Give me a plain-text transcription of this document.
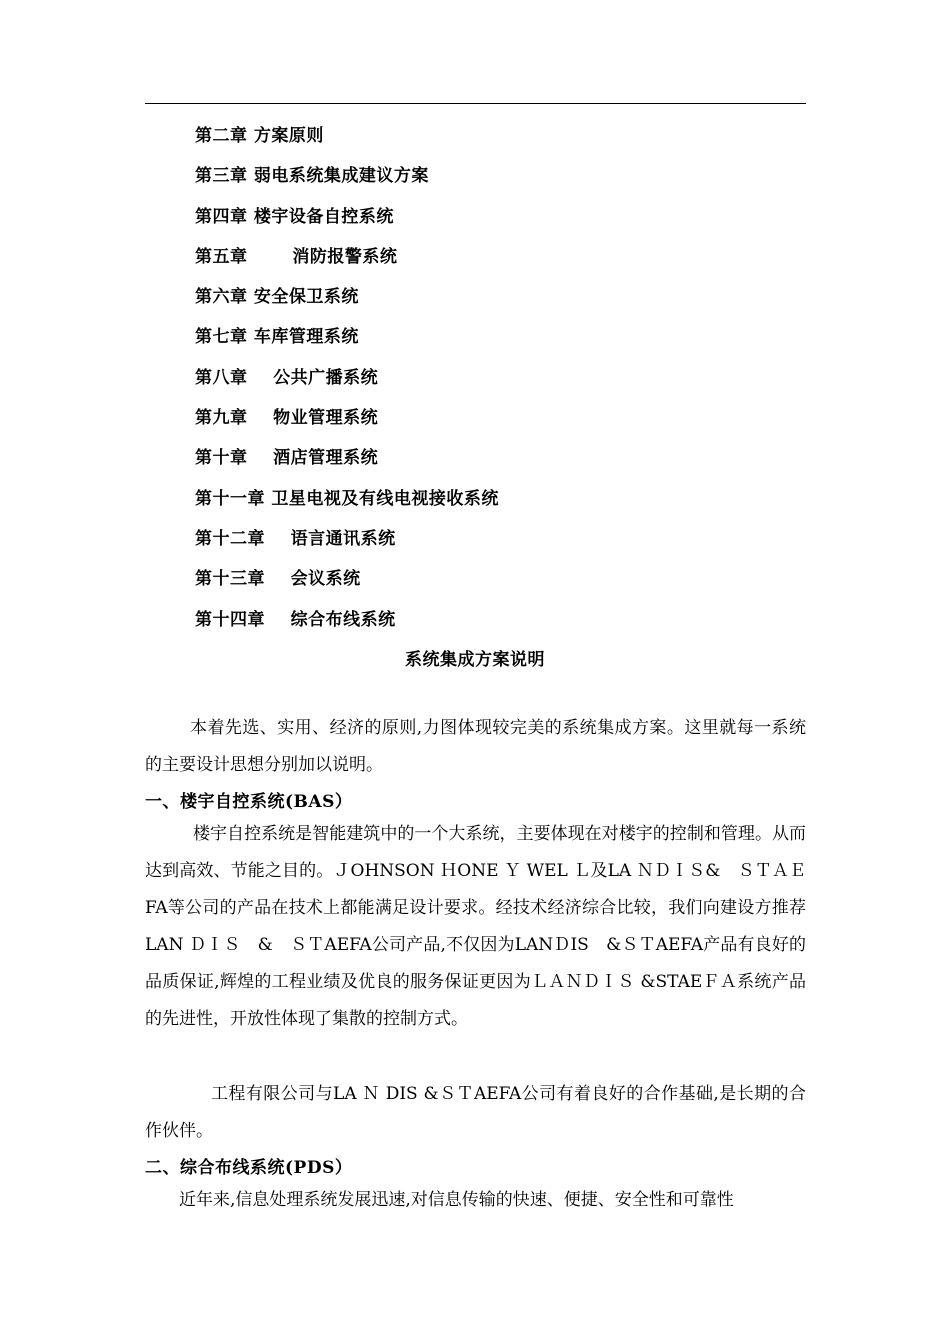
第二章 方案原则
第三章 弱电系统集成建议方案
第四章 楼宇设备自控系统
第五章       消防报警系统
第六章 安全保卫系统
第七章 车库管理系统
第八章    公共广播系统
第九章    物业管理系统
第十章    酒店管理系统
第十一章 卫星电视及有线电视接收系统
第十二章    语言通讯系统
第十三章    会议系统
第十四章    综合布线系统
系统集成方案说明

本着先选、实用、经济的原则,力图体现较完美的系统集成方案。这里就每一系统的主要设计思想分别加以说明。

一、楼宇自控系统(BAS）

楼宇自控系统是智能建筑中的一个大系统，主要体现在对楼宇的控制和管理。从而达到高效、节能之目的。ＪOHNSON ＨONE Ｙ WEL Ｌ及LA ＮＤＩＳ&　ＳＴＡＥ FA等公司的产品在技术上都能满足设计要求。经技术经济综合比较，我们向建设方推荐LAN ＤＩＳ　&　ＳＴAEFA公司产品,不仅因为LANＤIS　&ＳＴAEFA产品有良好的品质保证,辉煌的工程业绩及优良的服务保证更因为ＬＡＮＤＩＳ &STAEＦＡ系统产品的先进性，开放性体现了集散的控制方式。

工程有限公司与LA Ｎ DIS &ＳＴAEFA公司有着良好的合作基础,是长期的合作伙伴。

二、综合布线系统(PDS）

近年来,信息处理系统发展迅速,对信息传输的快速、便捷、安全性和可靠性
